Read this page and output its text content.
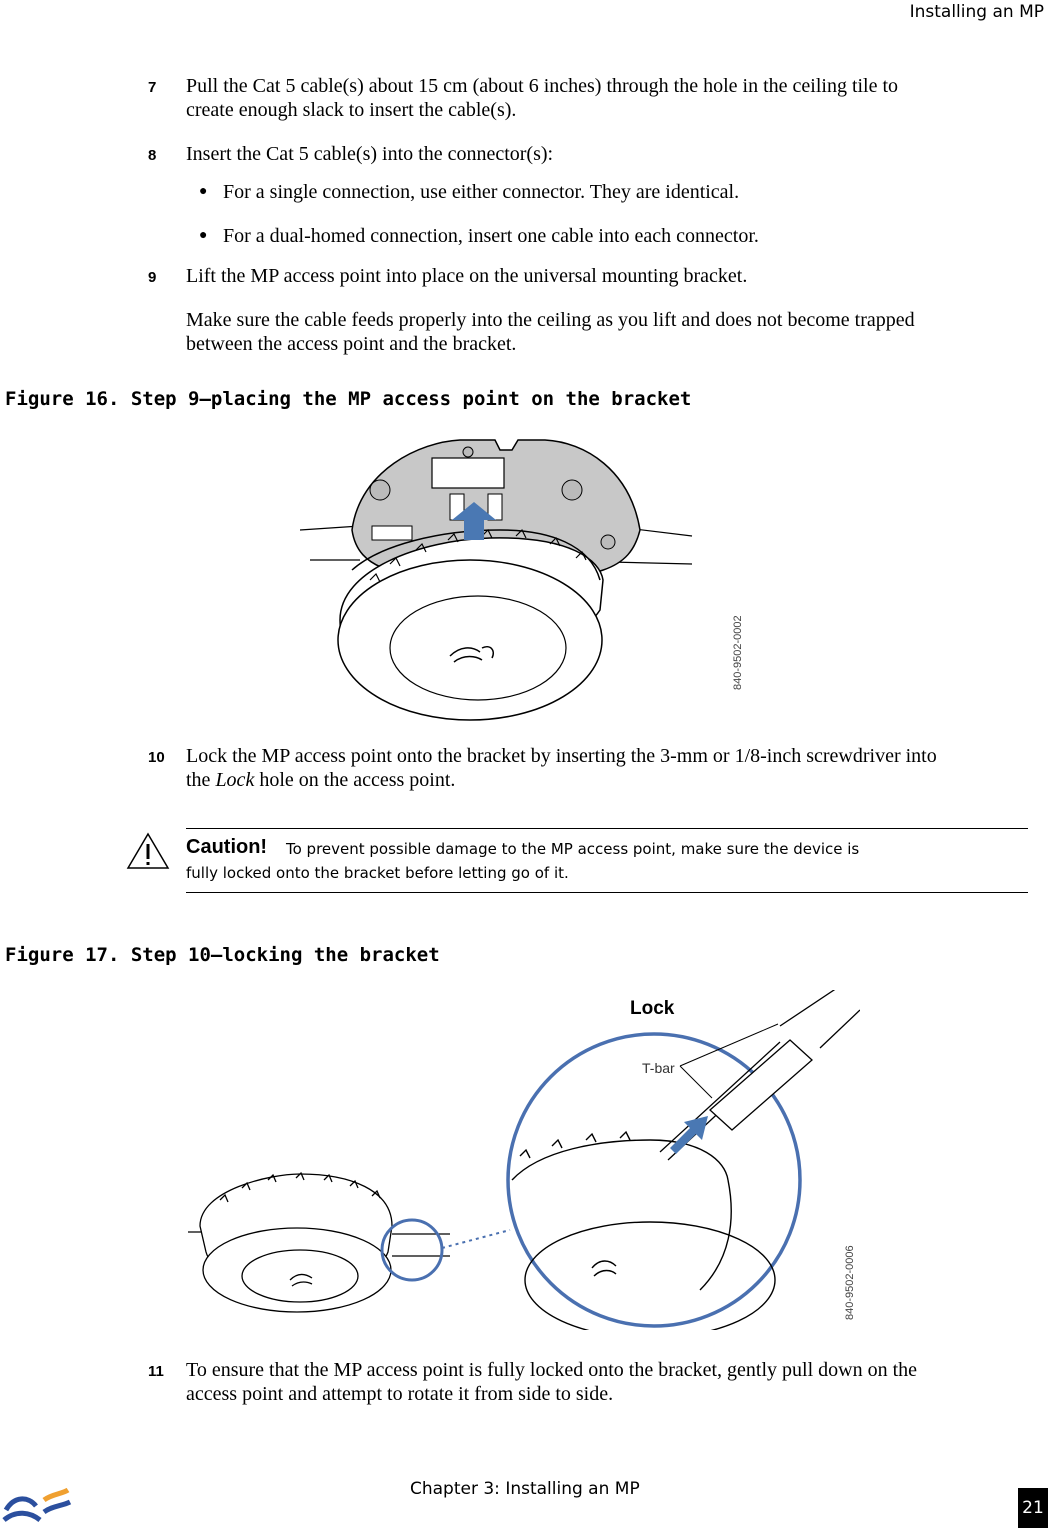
Installing an MP
7 Pull the Cat 5 cable(s) about 15 cm (about 6 inches) through the hole in the ceiling tile to
create enough slack to insert the cable(s).
8 Insert the Cat 5 cable(s) into the connector(s):
● For a single connection, use either connector. They are identical.
● For a dual-homed connection, insert one cable into each connector.
9 Lift the MP access point into place on the universal mounting bracket.
Make sure the cable feeds properly into the ceiling as you lift and does not become trapped
between the access point and the bracket.
Figure 16. Step 9—placing the MP access point on the bracket
840-9502-0002
10 Lock the MP access point onto the bracket by inserting the 3-mm or 1/8-inch screwdriver into
the Lock hole on the access point.
Caution! To prevent possible damage to the MP access point, make sure the device is
fully locked onto the bracket before letting go of it.
Figure 17. Step 10—locking the bracket
Lock
T-bar
840-9502-0006
11 To ensure that the MP access point is fully locked onto the bracket, gently pull down on the
access point and attempt to rotate it from side to side.
Chapter 3: Installing an MP
21
